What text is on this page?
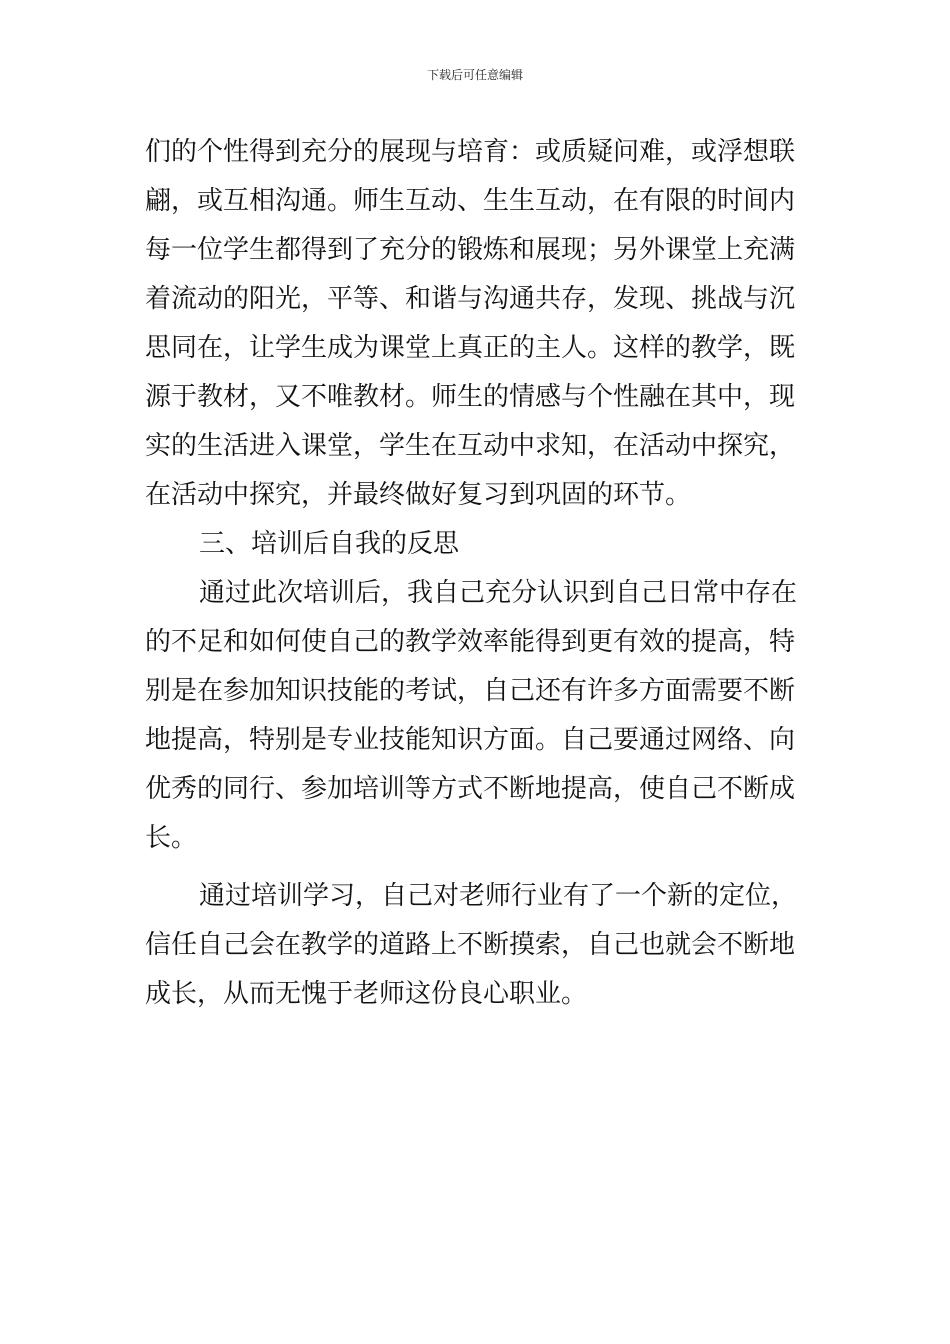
下载后可任意编辑

们的个性得到充分的展现与培育：或质疑问难，或浮想联
翩，或互相沟通。师生互动、生生互动，在有限的时间内
每一位学生都得到了充分的锻炼和展现；另外课堂上充满
着流动的阳光，平等、和谐与沟通共存，发现、挑战与沉
思同在，让学生成为课堂上真正的主人。这样的教学，既
源于教材，又不唯教材。师生的情感与个性融在其中，现
实的生活进入课堂，学生在互动中求知，在活动中探究，
在活动中探究，并最终做好复习到巩固的环节。

三、培训后自我的反思

通过此次培训后，我自己充分认识到自己日常中存在
的不足和如何使自己的教学效率能得到更有效的提高，特
别是在参加知识技能的考试，自己还有许多方面需要不断
地提高，特别是专业技能知识方面。自己要通过网络、向
优秀的同行、参加培训等方式不断地提高，使自己不断成
长。

通过培训学习，自己对老师行业有了一个新的定位，
信任自己会在教学的道路上不断摸索，自己也就会不断地
成长，从而无愧于老师这份良心职业。
